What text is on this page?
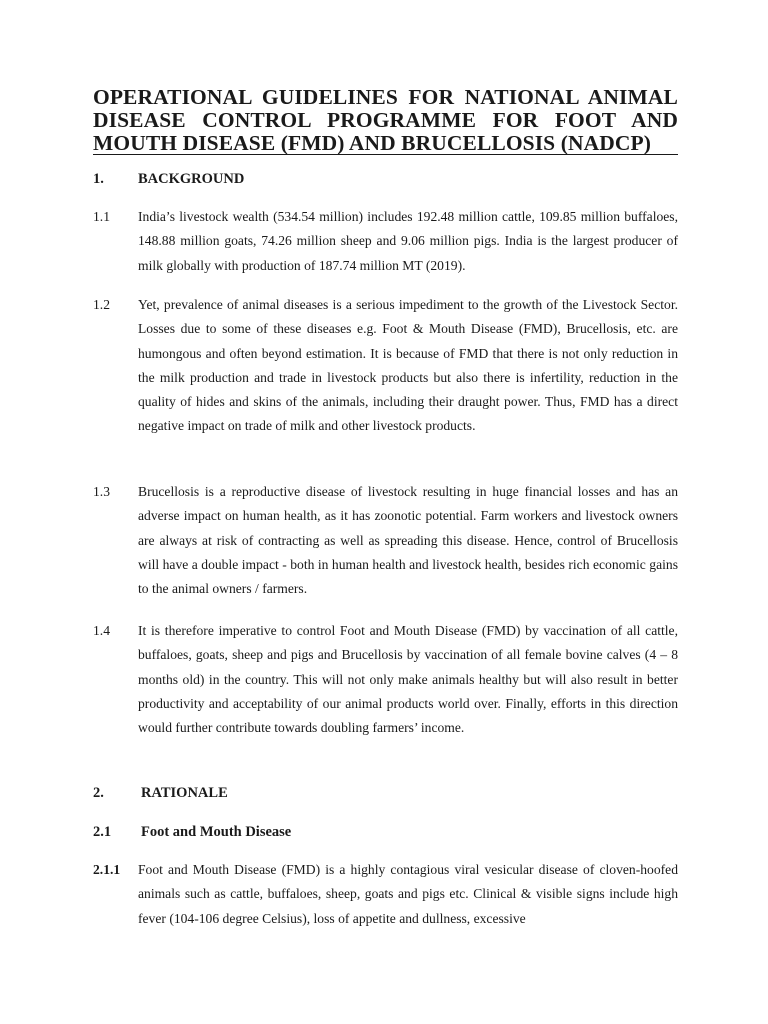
OPERATIONAL GUIDELINES FOR NATIONAL ANIMAL DISEASE CONTROL PROGRAMME FOR FOOT AND MOUTH DISEASE (FMD) AND BRUCELLOSIS (NADCP)
1. BACKGROUND
1.1 India’s livestock wealth (534.54 million) includes 192.48 million cattle, 109.85 million buffaloes, 148.88 million goats, 74.26 million sheep and 9.06 million pigs. India is the largest producer of milk globally with production of 187.74 million MT (2019).
1.2 Yet, prevalence of animal diseases is a serious impediment to the growth of the Livestock Sector. Losses due to some of these diseases e.g. Foot & Mouth Disease (FMD), Brucellosis, etc. are humongous and often beyond estimation. It is because of FMD that there is not only reduction in the milk production and trade in livestock products but also there is infertility, reduction in the quality of hides and skins of the animals, including their draught power. Thus, FMD has a direct negative impact on trade of milk and other livestock products.
1.3 Brucellosis is a reproductive disease of livestock resulting in huge financial losses and has an adverse impact on human health, as it has zoonotic potential. Farm workers and livestock owners are always at risk of contracting as well as spreading this disease. Hence, control of Brucellosis will have a double impact - both in human health and livestock health, besides rich economic gains to the animal owners / farmers.
1.4 It is therefore imperative to control Foot and Mouth Disease (FMD) by vaccination of all cattle, buffaloes, goats, sheep and pigs and Brucellosis by vaccination of all female bovine calves (4 – 8 months old) in the country. This will not only make animals healthy but will also result in better productivity and acceptability of our animal products world over. Finally, efforts in this direction would further contribute towards doubling farmers’ income.
2.	RATIONALE
2.1 Foot and Mouth Disease
2.1.1 Foot and Mouth Disease (FMD) is a highly contagious viral vesicular disease of cloven-hoofed animals such as cattle, buffaloes, sheep, goats and pigs etc. Clinical & visible signs include high fever (104-106 degree Celsius), loss of appetite and dullness, excessive
